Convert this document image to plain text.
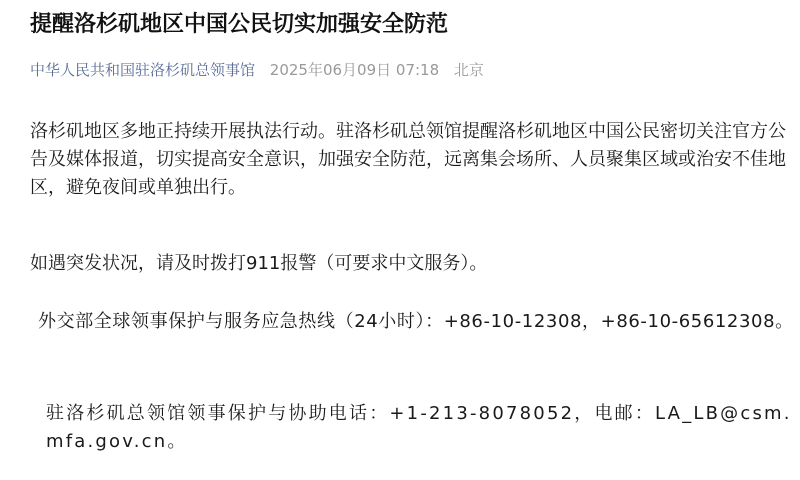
提醒洛杉矶地区中国公民切实加强安全防范
中华人民共和国驻洛杉矶总领事馆 2025年06月09日 07:18 北京
洛杉矶地区多地正持续开展执法行动。驻洛杉矶总领馆提醒洛杉矶地区中国公民密切关注官方公告及媒体报道，切实提高安全意识，加强安全防范，远离集会场所、人员聚集区域或治安不佳地区，避免夜间或单独出行。
如遇突发状况，请及时拨打911报警（可要求中文服务）。
外交部全球领事保护与服务应急热线（24小时）：+86-10-12308，+86-10-65612308。
驻洛杉矶总领馆领事保护与协助电话：+1-213-8078052，电邮：LA_LB@csm.mfa.gov.cn。
